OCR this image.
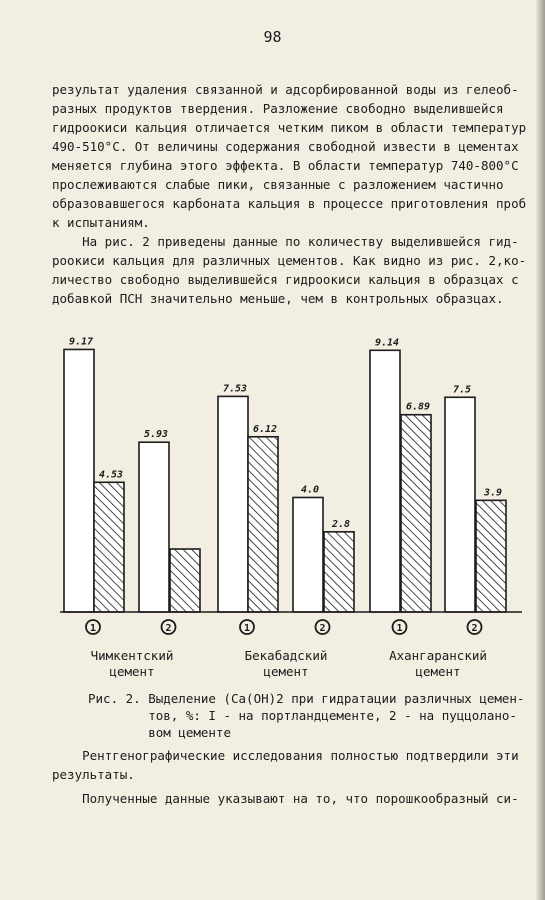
98
результат удаления связанной и адсорбированной воды из гелеоб-
разных продуктов твердения. Разложение свободно выделившейся
гидроокиси кальция отличается четким пиком в области температур
490-510°С. От величины содержания свободной извести в цементах
меняется глубина этого эффекта. В области температур 740-800°С
прослеживаются слабые пики, связанные с разложением частично
образовавшегося карбоната кальция в процессе приготовления проб
к испытаниям.
На рис. 2 приведены данные по количеству выделившейся гид-
роокиси кальция для различных цементов. Как видно из рис. 2,ко-
личество свободно выделившейся гидроокиси кальция в образцах с
добавкой ПСН значительно меньше, чем в контрольных образцах.
9.17
4.53
5.93
7.53
6.12
4.0
2.8
9.14
6.89
7.5
3.9
1	2	1	2	1	2
Чимкентский
цемент
Бекабадский
цемент
Ахангаранский
цемент
Рис. 2. Выделение (Са(ОН)2 при гидратации различных цемен-
тов, %: I - на портландцементе, 2 - на пуццолано-
вом цементе
Рентгенографические исследования полностью подтвердили эти
результаты.
Полученные данные указывают на то, что порошкообразный си-
